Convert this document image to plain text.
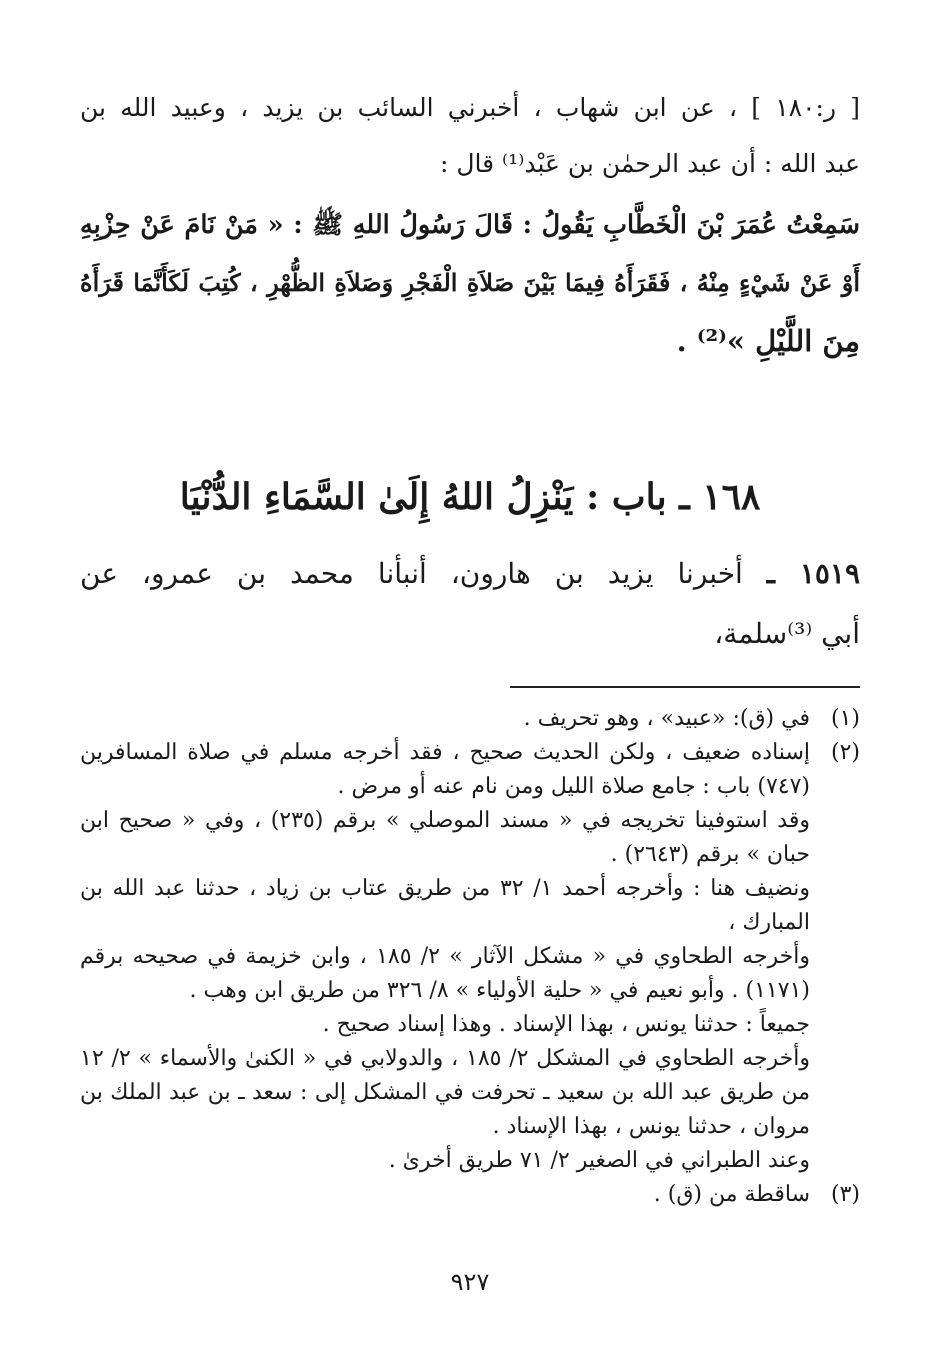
[ ر:١٨٠ ] ، عن ابن شهاب ، أخبرني السائب بن يزيد ، وعبيد الله بن
عبد الله : أن عبد الرحمٰن بن عَبْد⁽¹⁾ قال :
سَمِعْتُ عُمَرَ بْنَ الْخَطَّابِ يَقُولُ : قَالَ رَسُولُ اللهِ ﷺ : « مَنْ نَامَ عَنْ حِزْبِهِ
أَوْ عَنْ شَيْءٍ مِنْهُ ، فَقَرَأَهُ فِيمَا بَيْنَ صَلاَةِ الْفَجْرِ وَصَلاَةِ الظُّهْرِ ، كُتِبَ لَكَأَنَّمَا قَرَأَهُ
مِنَ اللَّيْلِ »⁽²⁾ .
١٦٨ ـ باب : يَنْزِلُ اللهُ إِلَىٰ السَّمَاءِ الدُّنْيَا
١٥١٩ ـ أخبرنا يزيد بن هارون، أنبأنا محمد بن عمرو، عن
أبي ⁽³⁾سلمة،
(١)
في (ق): «عبيد» ، وهو تحريف .
(٢)
إسناده ضعيف ، ولكن الحديث صحيح ، فقد أخرجه مسلم في صلاة المسافرين
(٧٤٧) باب : جامع صلاة الليل ومن نام عنه أو مرض .
وقد استوفينا تخريجه في « مسند الموصلي » برقم (٢٣٥) ، وفي « صحيح ابن
حبان » برقم (٢٦٤٣) .
ونضيف هنا : وأخرجه أحمد ١/ ٣٢ من طريق عتاب بن زياد ، حدثنا عبد الله بن
المبارك ،
وأخرجه الطحاوي في « مشكل الآثار » ٢/ ١٨٥ ، وابن خزيمة في صحيحه برقم
(١١٧١) . وأبو نعيم في « حلية الأولياء » ٨/ ٣٢٦ من طريق ابن وهب .
جميعاً : حدثنا يونس ، بهذا الإسناد . وهذا إسناد صحيح .
وأخرجه الطحاوي في المشكل ٢/ ١٨٥ ، والدولابي في « الكنىٰ والأسماء » ٢/ ١٢
من طريق عبد الله بن سعيد ـ تحرفت في المشكل إلى : سعد ـ بن عبد الملك بن
مروان ، حدثنا يونس ، بهذا الإسناد .
وعند الطبراني في الصغير ٢/ ٧١ طريق أخرىٰ .
(٣)
ساقطة من (ق) .
٩٢٧
